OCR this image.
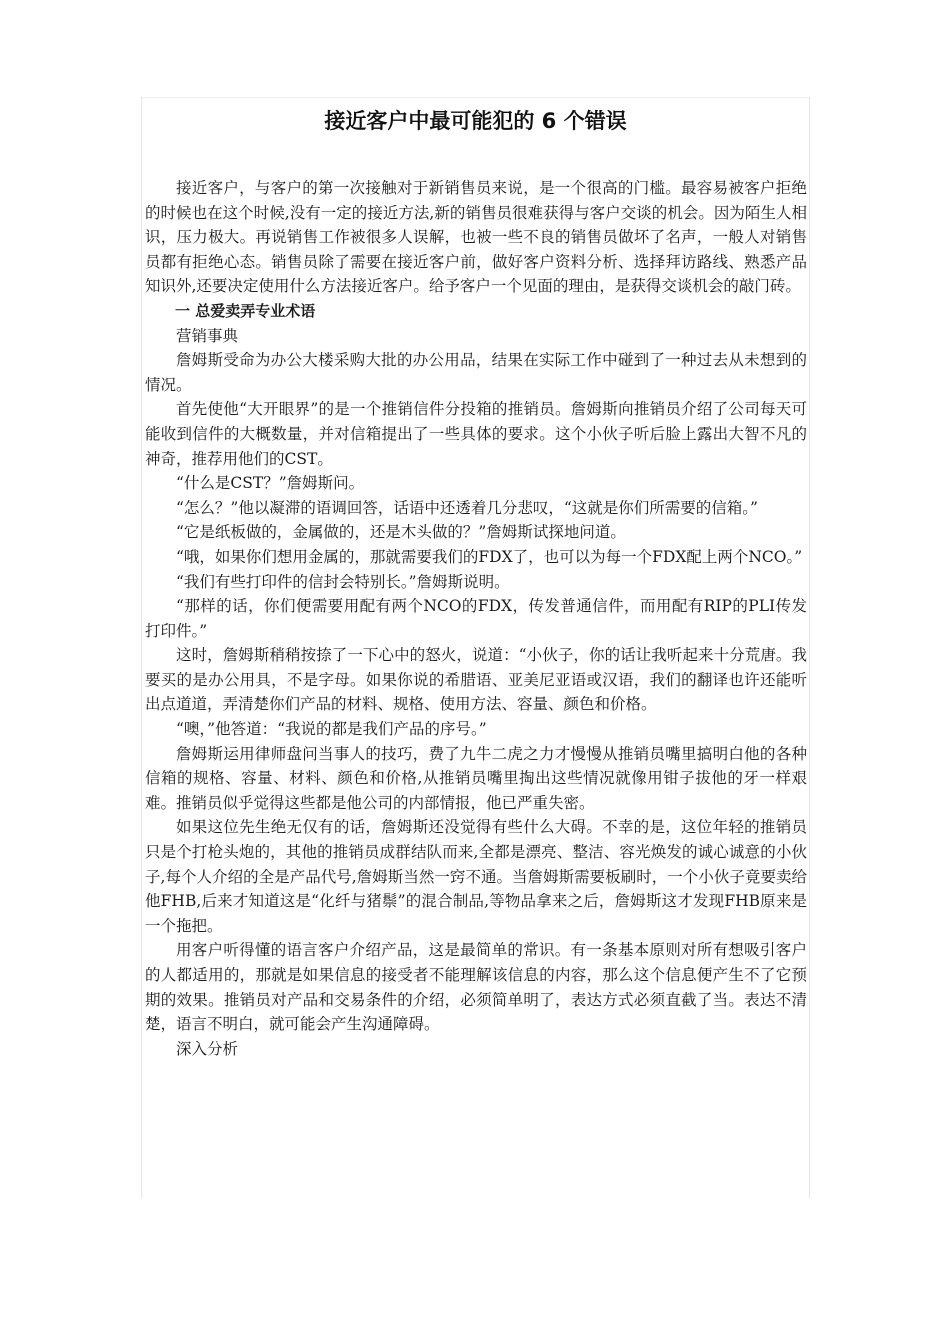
接近客户中最可能犯的 6 个错误

接近客户，与客户的第一次接触对于新销售员来说，是一个很高的门槛。最容易被客户拒绝的时候也在这个时候,没有一定的接近方法,新的销售员很难获得与客户交谈的机会。因为陌生人相识，压力极大。再说销售工作被很多人误解，也被一些不良的销售员做坏了名声，一般人对销售员都有拒绝心态。销售员除了需要在接近客户前，做好客户资料分析、选择拜访路线、熟悉产品知识外,还要决定使用什么方法接近客户。给予客户一个见面的理由，是获得交谈机会的敲门砖。

一 总爱卖弄专业术语

营销事典

詹姆斯受命为办公大楼采购大批的办公用品，结果在实际工作中碰到了一种过去从未想到的情况。

首先使他“大开眼界”的是一个推销信件分投箱的推销员。詹姆斯向推销员介绍了公司每天可能收到信件的大概数量，并对信箱提出了一些具体的要求。这个小伙子听后脸上露出大智不凡的神奇，推荐用他们的CST。

“什么是CST？”詹姆斯问。

“怎么？”他以凝滞的语调回答，话语中还透着几分悲叹，“这就是你们所需要的信箱。”

“它是纸板做的，金属做的，还是木头做的？”詹姆斯试探地问道。

“哦，如果你们想用金属的，那就需要我们的FDX了，也可以为每一个FDX配上两个NCO。”

“我们有些打印件的信封会特别长。”詹姆斯说明。

“那样的话，你们便需要用配有两个NCO的FDX，传发普通信件，而用配有RIP的PLI传发打印件。”

这时，詹姆斯稍稍按捺了一下心中的怒火，说道：“小伙子，你的话让我听起来十分荒唐。我要买的是办公用具，不是字母。如果你说的希腊语、亚美尼亚语或汉语，我们的翻译也许还能听出点道道，弄清楚你们产品的材料、规格、使用方法、容量、颜色和价格。

“噢，”他答道：“我说的都是我们产品的序号。”

詹姆斯运用律师盘问当事人的技巧，费了九牛二虎之力才慢慢从推销员嘴里搞明白他的各种信箱的规格、容量、材料、颜色和价格,从推销员嘴里掏出这些情况就像用钳子拔他的牙一样艰难。推销员似乎觉得这些都是他公司的内部情报，他已严重失密。

如果这位先生绝无仅有的话，詹姆斯还没觉得有些什么大碍。不幸的是，这位年轻的推销员只是个打枪头炮的，其他的推销员成群结队而来,全都是漂亮、整洁、容光焕发的诚心诚意的小伙子,每个人介绍的全是产品代号,詹姆斯当然一窍不通。当詹姆斯需要板刷时，一个小伙子竟要卖给他FHB,后来才知道这是“化纤与猪鬃”的混合制品,等物品拿来之后，詹姆斯这才发现FHB原来是一个拖把。

用客户听得懂的语言客户介绍产品，这是最简单的常识。有一条基本原则对所有想吸引客户的人都适用的，那就是如果信息的接受者不能理解该信息的内容，那么这个信息便产生不了它预期的效果。推销员对产品和交易条件的介绍，必须简单明了，表达方式必须直截了当。表达不清楚，语言不明白，就可能会产生沟通障碍。

深入分析
